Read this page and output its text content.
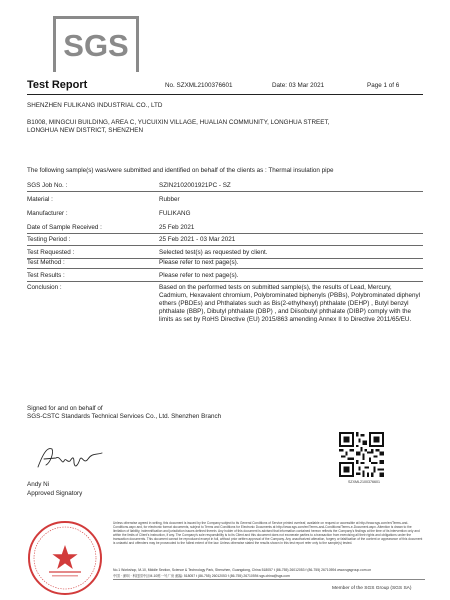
SGS
Test Report	No. SZXML2100376601	Date: 03 Mar 2021	Page 1 of 6
SHENZHEN FULIKANG INDUSTRIAL CO., LTD
B1008, MINGCUI BUILDING, AREA C, YUCUIXIN VILLAGE, HUALIAN COMMUNITY, LONGHUA STREET,
LONGHUA NEW DISTRICT, SHENZHEN
The following sample(s) was/were submitted and identified on behalf of the clients as : Thermal insulation pipe
SGS Job No. :	SZIN2102001921PC - SZ
Material :	Rubber
Manufacturer :	FULIKANG
Date of Sample Received :	25 Feb 2021
Testing Period :	25 Feb 2021 - 03 Mar 2021
Test Requested :	Selected test(s) as requested by client.
Test Method :	Please refer to next page(s).
Test Results :	Please refer to next page(s).
Conclusion :	Based on the performed tests on submitted sample(s), the results of Lead, Mercury, Cadmium, Hexavalent chromium, Polybrominated biphenyls (PBBs), Polybrominated diphenyl ethers (PBDEs) and Phthalates such as Bis(2-ethylhexyl) phthalate (DEHP) , Butyl benzyl phthalate (BBP), Dibutyl phthalate (DBP) , and Diisobutyl phthalate (DIBP) comply with the limits as set by RoHS Directive (EU) 2015/863 amending Annex II to Directive 2011/65/EU.
Signed for and on behalf of
SGS-CSTC Standards Technical Services Co., Ltd. Shenzhen Branch
Andy
Andy Ni
Approved Signatory
SZXML2100376601
Unless otherwise agreed in writing, this document is issued by the Company subject to its General Conditions of Service printed overleaf, available on request or accessible at http://www.sgs.com/en/Terms-and-Conditions.aspx and, for electronic format documents, subject to Terms and Conditions for Electronic Documents at http://www.sgs.com/en/Terms-and-Conditions/Terms-e-Document.aspx. Attention is drawn to the limitation of liability, indemnification and jurisdiction issues defined therein. Any holder of this document is advised that information contained hereon reflects the Company's findings at the time of its intervention only and within the limits of Client's instruction, if any. The Company's sole responsibility is to its Client and this document does not exonerate parties to a transaction from exercising all their rights and obligations under the transaction documents. This document cannot be reproduced except in full, without prior written approval of the Company. Any unauthorized alteration, forgery or falsification of the content or appearance of this document is unlawful and offenders may be prosecuted to the fullest extent of the law. Unless otherwise stated the results shown in this test report refer only to the sample(s) tested.
No.1 Workshop, M-10, Middle Section, Science & Technology Park, Shenzhen, Guangdong, China 518057 t (86-755) 26012053 f (86-755) 26710594 www.sgsgroup.com.cn
中国 · 深圳 · 科技园中区M-10栋一号厂房 邮编: 518057 t (86-755) 26012053 f (86-755) 26710594 sgs.china@sgs.com
Member of the SGS Group (SGS SA)
